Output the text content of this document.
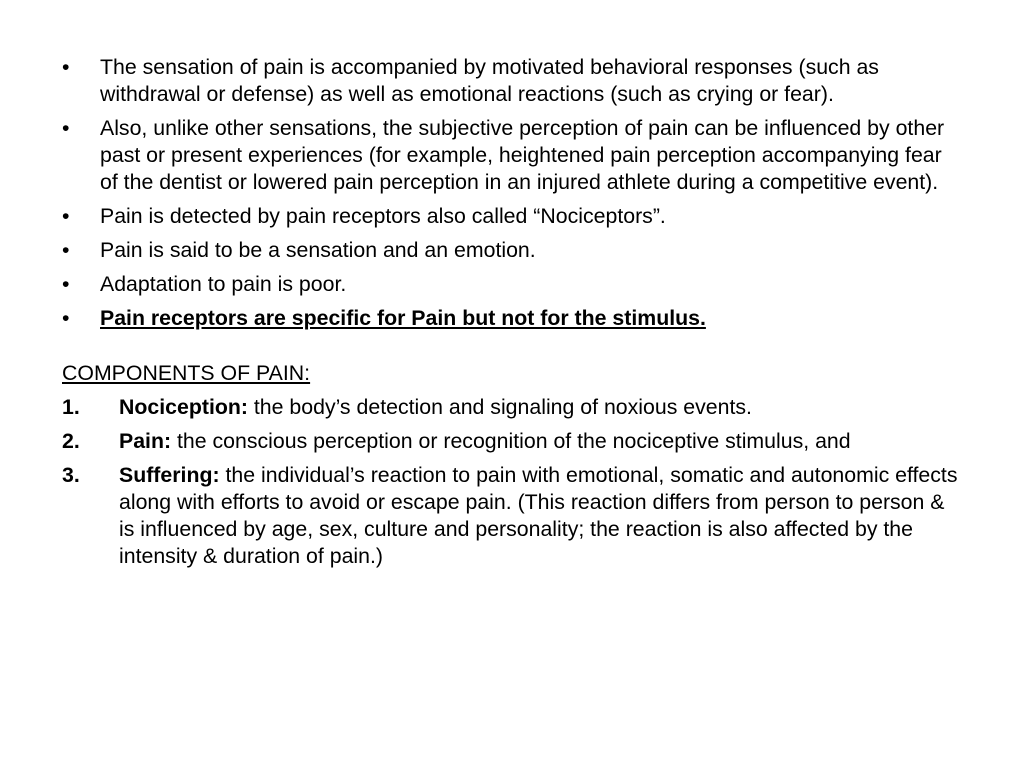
•	The sensation of pain is accompanied by motivated behavioral responses (such as withdrawal or defense) as well as emotional reactions (such as crying or fear).
•	Also, unlike other sensations, the subjective perception of pain can be influenced by other past or present experiences (for example, heightened pain perception accompanying fear of the dentist or lowered pain perception in an injured athlete during a competitive event).
•	Pain is detected by pain receptors also called “Nociceptors”.
•	Pain is said to be a sensation and an emotion.
•	Adaptation to pain is poor.
•	Pain receptors are specific for Pain but not for the stimulus.
COMPONENTS OF PAIN:
1. Nociception: the body’s detection and signaling of noxious events.
2. Pain: the conscious perception or recognition of the nociceptive stimulus, and
3. Suffering: the individual’s reaction to pain with emotional, somatic and autonomic effects along with efforts to avoid or escape pain. (This reaction differs from person to person & is influenced by age, sex, culture and personality; the reaction is also affected by the intensity & duration of pain.)
